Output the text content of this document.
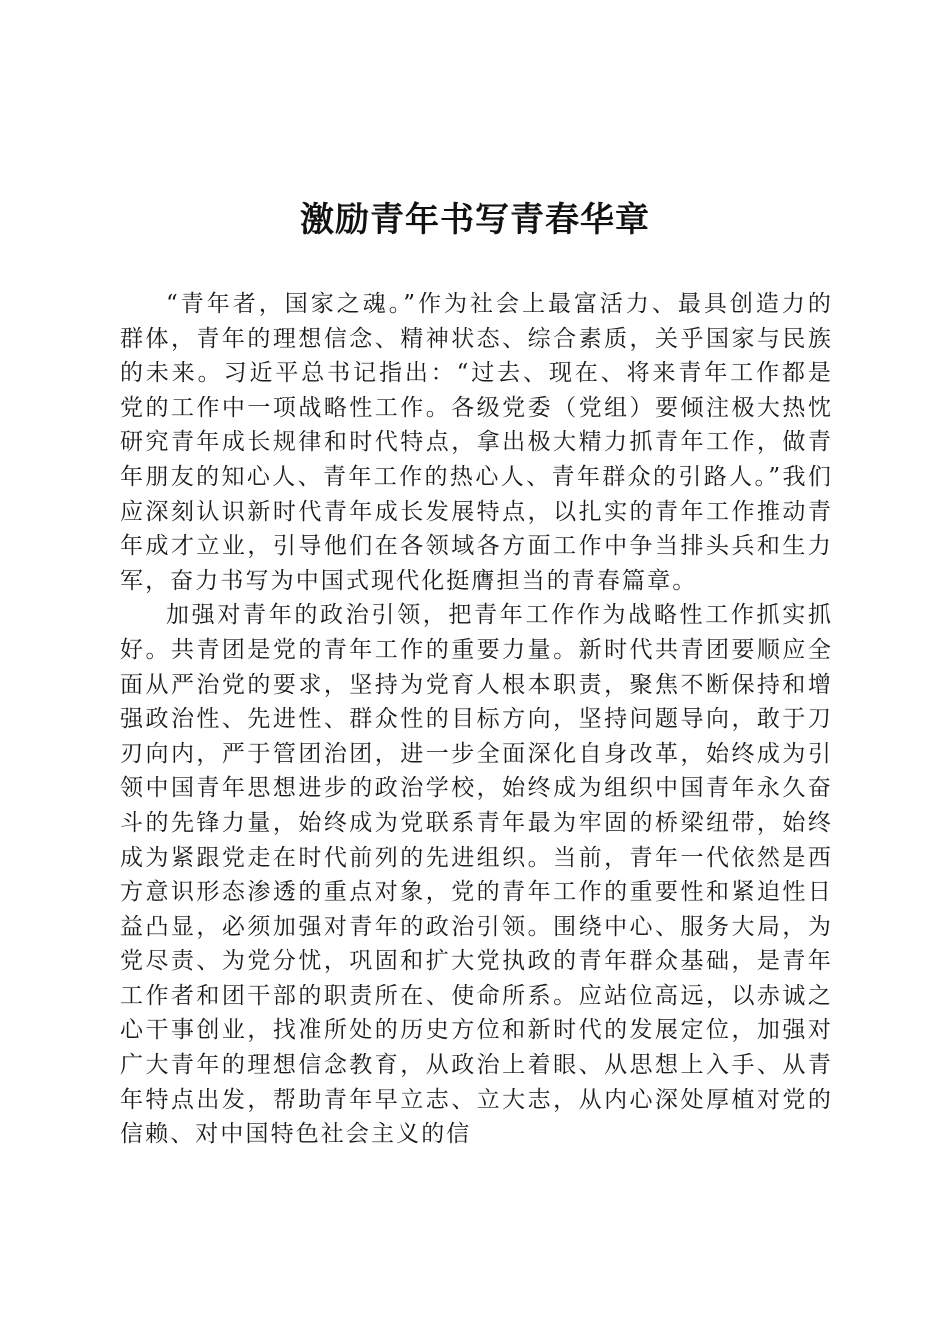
激励青年书写青春华章

“青年者，国家之魂。”作为社会上最富活力、最具创造力的群体，青年的理想信念、精神状态、综合素质，关乎国家与民族的未来。习近平总书记指出：“过去、现在、将来青年工作都是党的工作中一项战略性工作。各级党委（党组）要倾注极大热忱研究青年成长规律和时代特点，拿出极大精力抓青年工作，做青年朋友的知心人、青年工作的热心人、青年群众的引路人。”我们应深刻认识新时代青年成长发展特点，以扎实的青年工作推动青年成才立业，引导他们在各领域各方面工作中争当排头兵和生力军，奋力书写为中国式现代化挺膺担当的青春篇章。

加强对青年的政治引领，把青年工作作为战略性工作抓实抓好。共青团是党的青年工作的重要力量。新时代共青团要顺应全面从严治党的要求，坚持为党育人根本职责，聚焦不断保持和增强政治性、先进性、群众性的目标方向，坚持问题导向，敢于刀刃向内，严于管团治团，进一步全面深化自身改革，始终成为引领中国青年思想进步的政治学校，始终成为组织中国青年永久奋斗的先锋力量，始终成为党联系青年最为牢固的桥梁纽带，始终成为紧跟党走在时代前列的先进组织。当前，青年一代依然是西方意识形态渗透的重点对象，党的青年工作的重要性和紧迫性日益凸显，必须加强对青年的政治引领。围绕中心、服务大局，为党尽责、为党分忧，巩固和扩大党执政的青年群众基础，是青年工作者和团干部的职责所在、使命所系。应站位高远，以赤诚之心干事创业，找准所处的历史方位和新时代的发展定位，加强对广大青年的理想信念教育，从政治上着眼、从思想上入手、从青年特点出发，帮助青年早立志、立大志，从内心深处厚植对党的信赖、对中国特色社会主义的信
